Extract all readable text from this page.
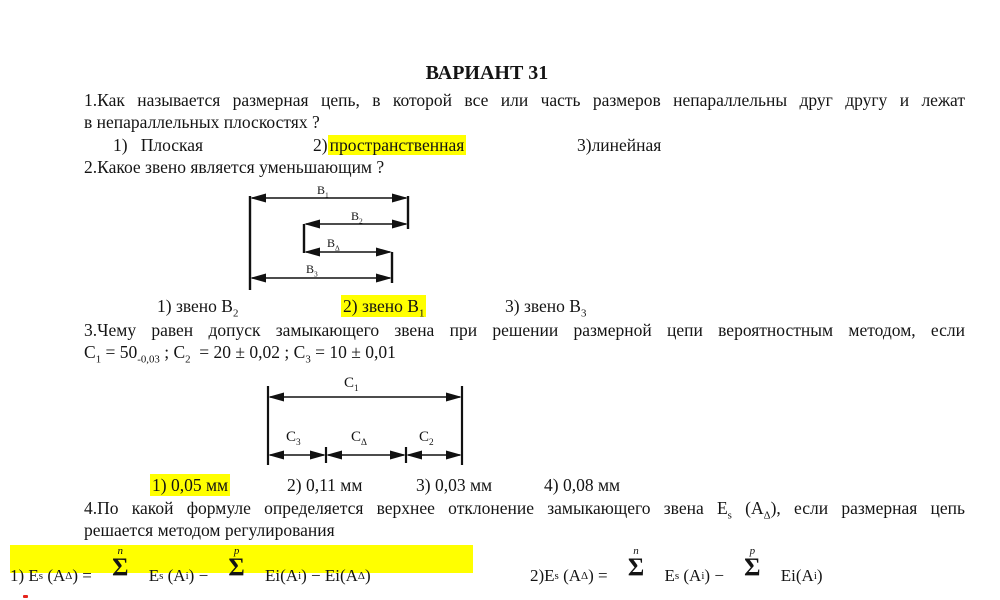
ВАРИАНТ 31
1.Как называется размерная цепь, в которой все или часть размеров непараллельны друг другу и лежат
в непараллельных плоскостях ?
1)   Плоская	2) пространственная	3)линейная
2.Какое звено является уменьшающим ?
$В_1$
$В_2$
$В_\Delta$
$В_3$
1) звено $В_2$	2) звено $В_1$	3) звено $В_3$
3.Чему равен допуск замыкающего звена при решении размерной цепи вероятностным методом, если
$С_1 = 50_{-0,03}$ ; $С_2 = 20 \pm 0,02$ ; $С_3 = 10 \pm 0,01$
$С_1$
$С_3$	$С_\Delta$	$С_2$
1) 0,05 мм	2) 0,11 мм	3) 0,03 мм	4) 0,08 мм
4.По какой формуле определяется верхнее отклонение замыкающего звена $Е_s$ $(А_\Delta)$, если размерная цепь
решается методом регулирования
1) Е s (А Δ ) =
n
Σ Е s (А i ) −
p
Σ Еi(А i ) − Еi(А Δ )	2)Е s (А Δ ) =
n
Σ Е s (А i ) −
p
Σ Еi(А i )
